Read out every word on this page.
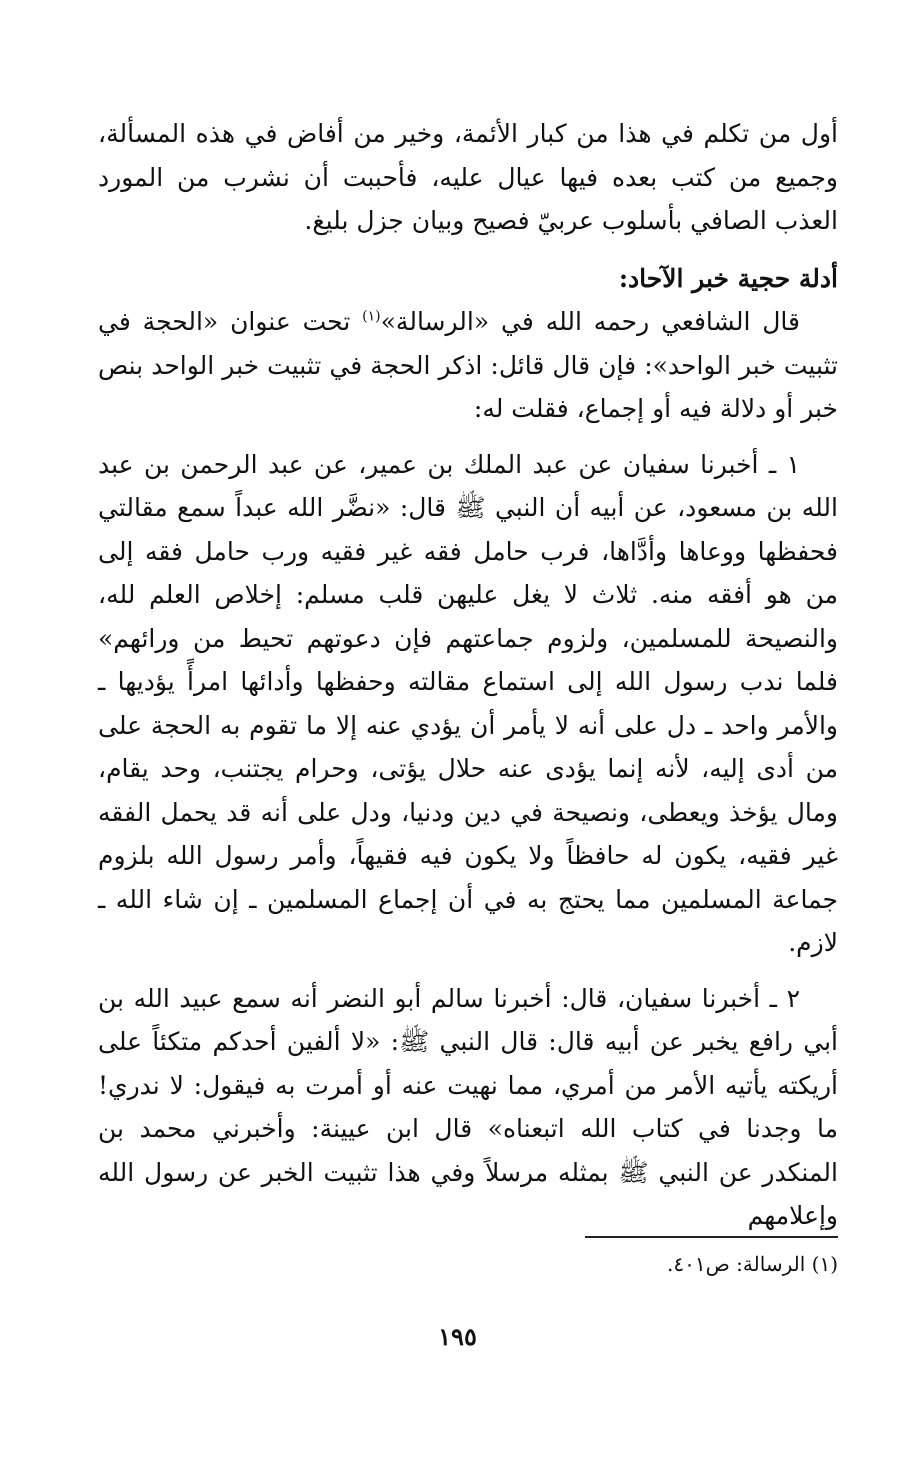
أول من تكلم في هذا من كبار الأئمة، وخير من أفاض في هذه المسألة، وجميع من كتب بعده فيها عيال عليه، فأحببت أن نشرب من المورد العذب الصافي بأسلوب عربيّ فصيح وبيان جزل بليغ.

أدلة حجية خبر الآحاد:

قال الشافعي رحمه الله في «الرسالة»$^{(١)}$ تحت عنوان «الحجة في تثبيت خبر الواحد»: فإن قال قائل: اذكر الحجة في تثبيت خبر الواحد بنص خبر أو دلالة فيه أو إجماع، فقلت له:

١ ـ أخبرنا سفيان عن عبد الملك بن عمير، عن عبد الرحمن بن عبد الله بن مسعود، عن أبيه أن النبي ﷺ قال: «نضَّر الله عبداً سمع مقالتي فحفظها ووعاها وأدَّاها، فرب حامل فقه غير فقيه ورب حامل فقه إلى من هو أفقه منه. ثلاث لا يغل عليهن قلب مسلم: إخلاص العلم لله، والنصيحة للمسلمين، ولزوم جماعتهم فإن دعوتهم تحيط من ورائهم» فلما ندب رسول الله إلى استماع مقالته وحفظها وأدائها امرأً يؤديها ـ والأمر واحد ـ دل على أنه لا يأمر أن يؤدي عنه إلا ما تقوم به الحجة على من أدى إليه، لأنه إنما يؤدى عنه حلال يؤتى، وحرام يجتنب، وحد يقام، ومال يؤخذ ويعطى، ونصيحة في دين ودنيا، ودل على أنه قد يحمل الفقه غير فقيه، يكون له حافظاً ولا يكون فيه فقيهاً، وأمر رسول الله بلزوم جماعة المسلمين مما يحتج به في أن إجماع المسلمين ـ إن شاء الله ـ لازم.

٢ ـ أخبرنا سفيان، قال: أخبرنا سالم أبو النضر أنه سمع عبيد الله بن أبي رافع يخبر عن أبيه قال: قال النبي ﷺ: «لا ألفين أحدكم متكئاً على أريكته يأتيه الأمر من أمري، مما نهيت عنه أو أمرت به فيقول: لا ندري! ما وجدنا في كتاب الله اتبعناه» قال ابن عيينة: وأخبرني محمد بن المنكدر عن النبي ﷺ بمثله مرسلاً وفي هذا تثبيت الخبر عن رسول الله وإعلامهم

(١) الرسالة: ص٤٠١.
١٩٥
